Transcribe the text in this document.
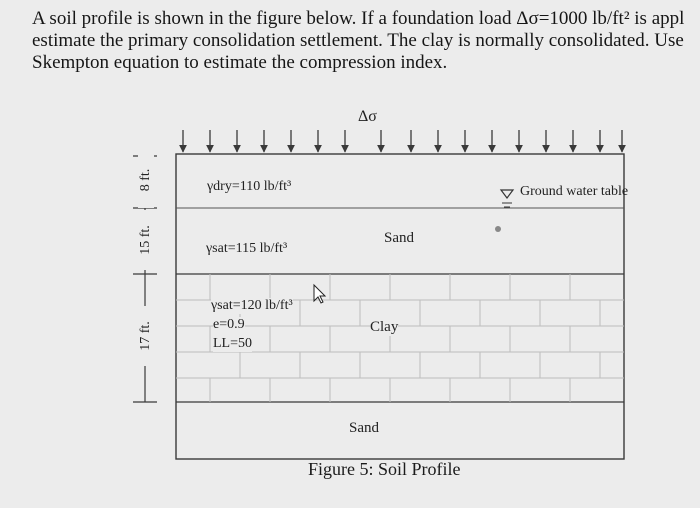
A soil profile is shown in the figure below. If a foundation load Δσ=1000 lb/ft² is appl
estimate the primary consolidation settlement. The clay is normally consolidated. Use
Skempton equation to estimate the compression index.
Δσ
8 ft.
15 ft.
17 ft.
γdry=110 lb/ft³	Ground water table
γsat=115 lb/ft³
Sand
γsat=120 lb/ft³
e=0.9
LL=50
Clay
Sand
Figure 5: Soil Profile
